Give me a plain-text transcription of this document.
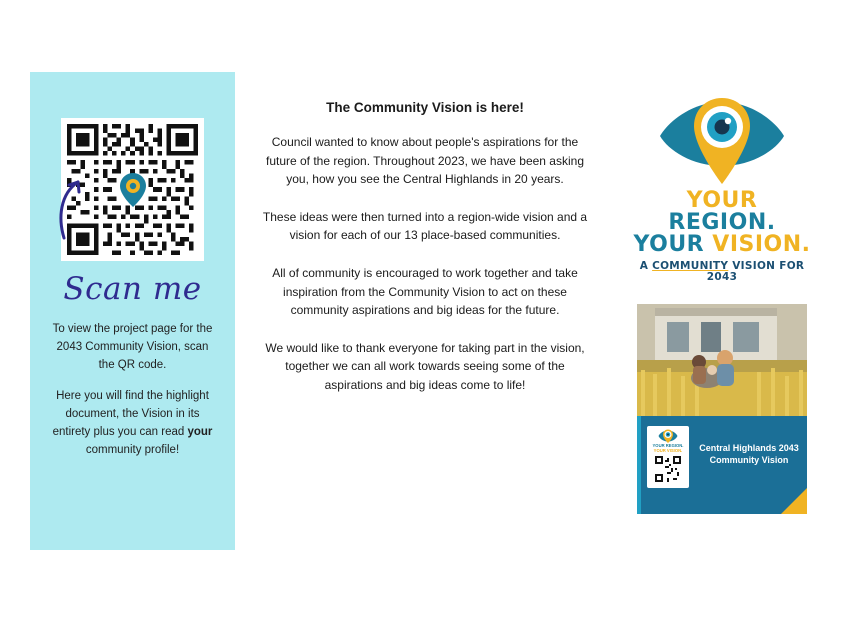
Scan me

To view the project page for the 2043 Community Vision, scan the QR code.

Here you will find the highlight document, the Vision in its entirety plus you can read your community profile!

The Community Vision is here!

Council wanted to know about people's aspirations for the future of the region. Throughout 2023, we have been asking you, how you see the Central Highlands in 20 years.

These ideas were then turned into a region-wide vision and a vision for each of our 13 place-based communities.

All of community is encouraged to work together and take inspiration from the Community Vision to act on these community aspirations and big ideas for the future.

We would like to thank everyone for taking part in the vision, together we can all work towards seeing some of the aspirations and big ideas come to life!

YOUR REGION.
YOUR VISION.
A COMMUNITY VISION FOR 2043
YOUR REGION.
YOUR VISION. Central Highlands 2043 Community Vision
